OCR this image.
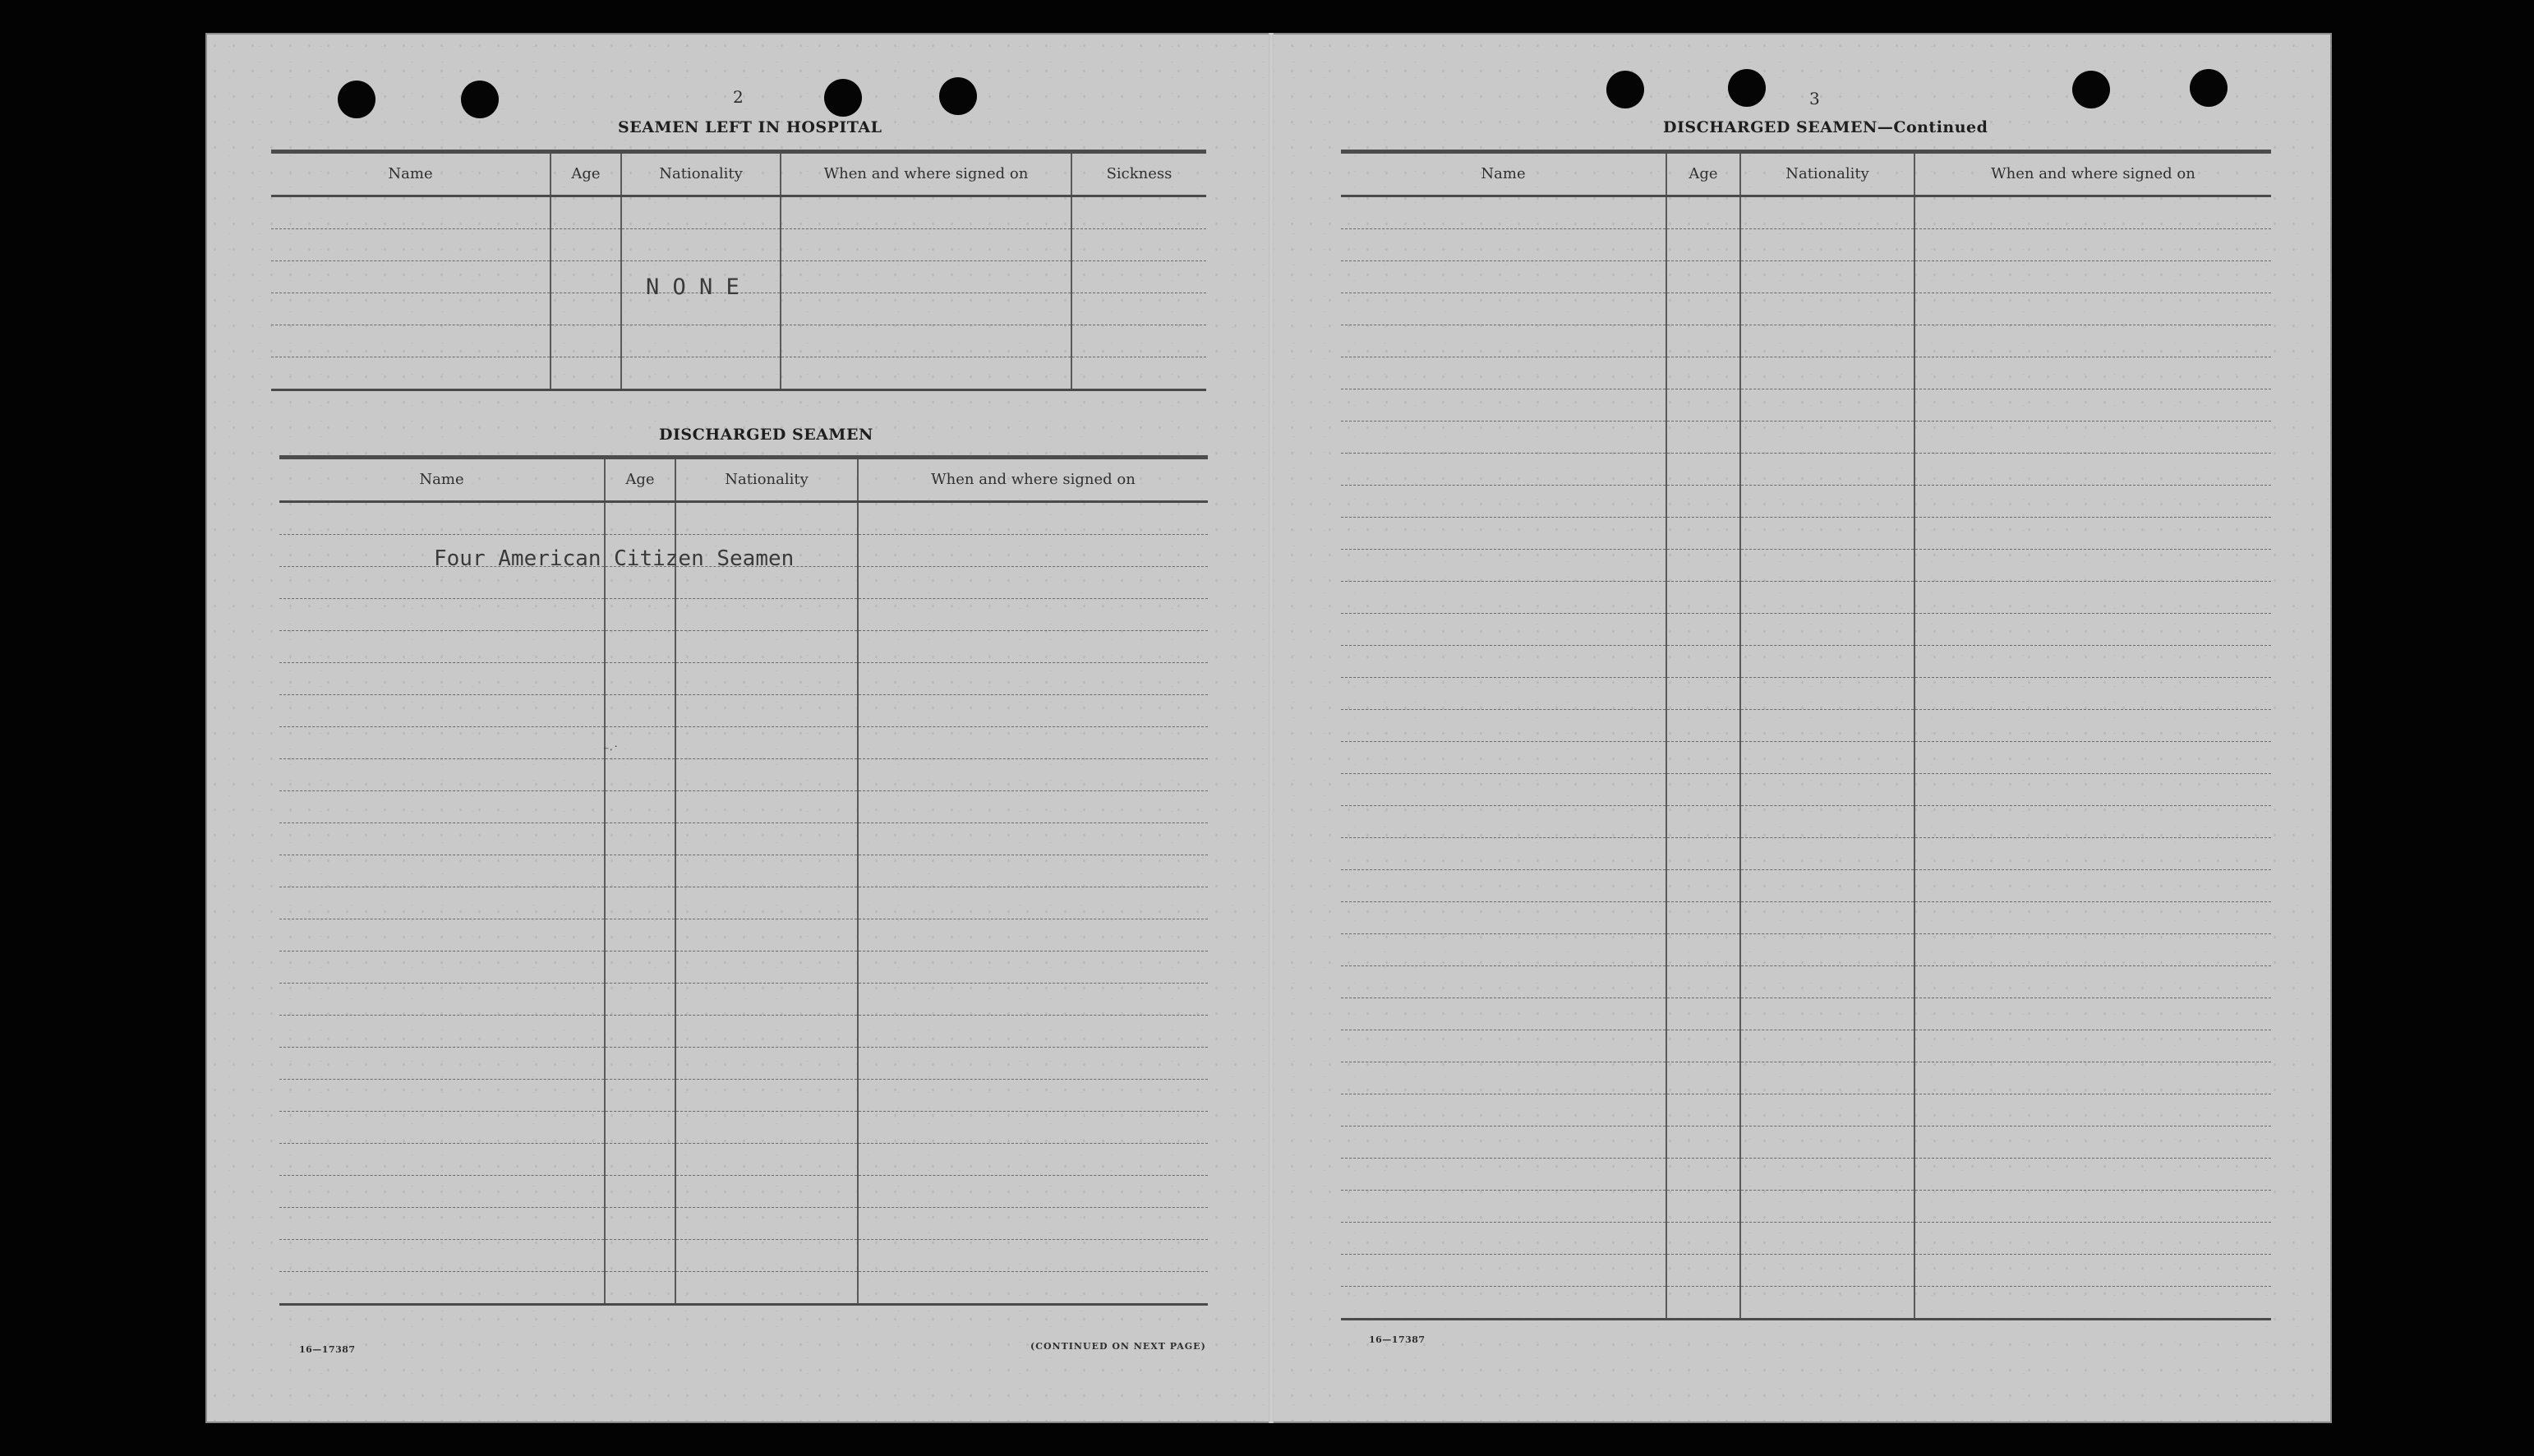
2
SEAMEN LEFT IN HOSPITAL
Name	Age	Nationality	When and where signed on	Sickness

N O N E
DISCHARGED SEAMEN
Name	Age	Nationality	When and where signed on

Four American Citizen Seamen
⁻ˑ˙
16—17387	(CONTINUED ON NEXT PAGE)
3
DISCHARGED SEAMEN—Continued
Name	Age	Nationality	When and where signed on

16—17387
